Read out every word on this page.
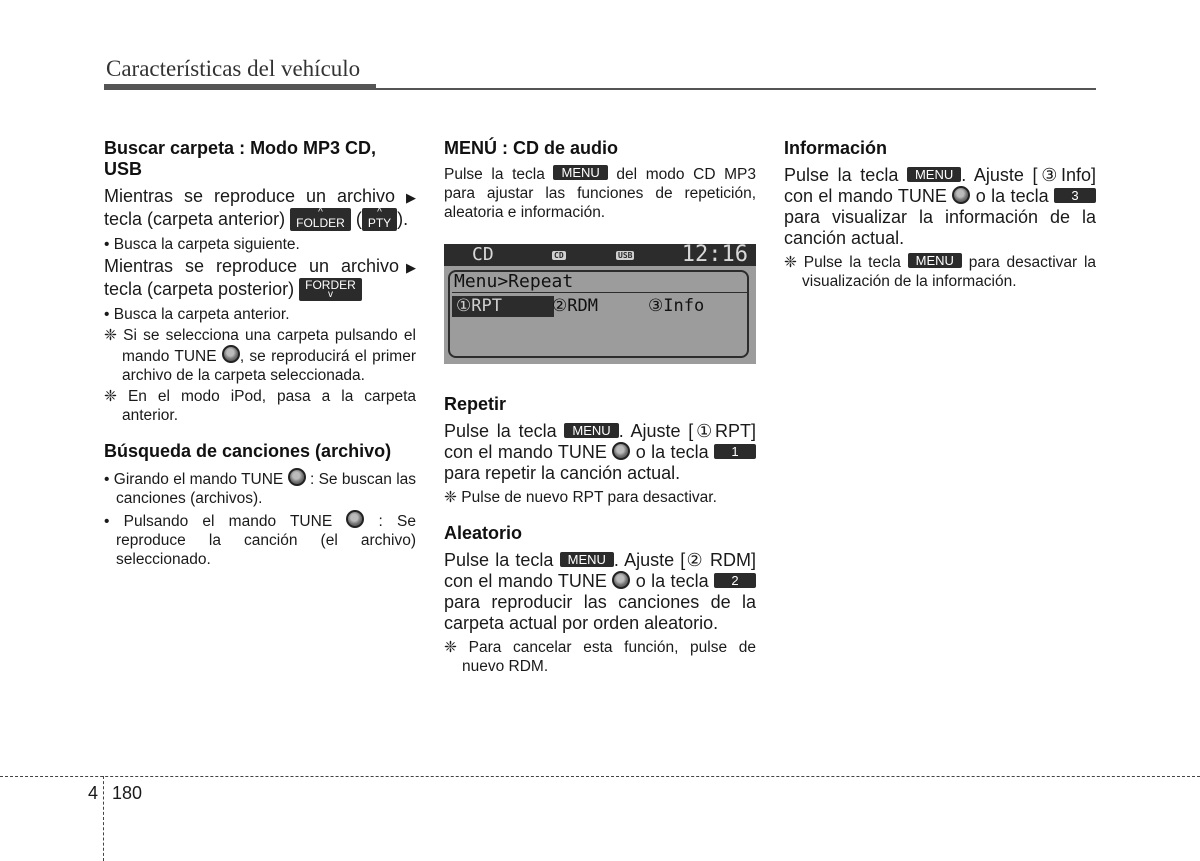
Características del vehículo
Buscar carpeta : Modo MP3 CD, USB
Mientras se reproduce un archivo ▶ tecla (carpeta anterior)	^
FOLDER (	^
PTY ).
• Busca la carpeta siguiente.
Mientras se reproduce un archivo▶ tecla (carpeta posterior) FORDER
v
• Busca la carpeta anterior.
❈ Si se selecciona una carpeta pulsando el mando TUNE , se reproducirá el primer archivo de la carpeta seleccionada.
❈ En el modo iPod, pasa a la carpeta anterior.
Búsqueda de canciones (archivo)
• Girando el mando TUNE : Se buscan las canciones (archivos).
• Pulsando el mando TUNE	: Se reproduce la canción (el archivo) seleccionado.
MENÚ : CD de audio
Pulse la tecla MENU del modo CD MP3 para ajustar las funciones de repetición, aleatoria e información.
CD	CD	USB 12:16
Menu>Repeat
①RPT	②RDM	③Info
Repetir
Pulse la tecla MENU . Ajuste [①RPT] con el mando TUNE o la tecla 1 para repetir la canción actual.
❈ Pulse de nuevo RPT para desactivar.
Aleatorio
Pulse la tecla MENU . Ajuste [② RDM] con el mando TUNE o la tecla 2 para reproducir las canciones de la carpeta actual por orden aleatorio.
❈ Para cancelar esta función, pulse de nuevo RDM.
Información
Pulse la tecla MENU . Ajuste [③Info] con el mando TUNE o la tecla 3 para visualizar la información de la canción actual.
❈ Pulse la tecla MENU para desactivar la visualización de la información.
4 180
